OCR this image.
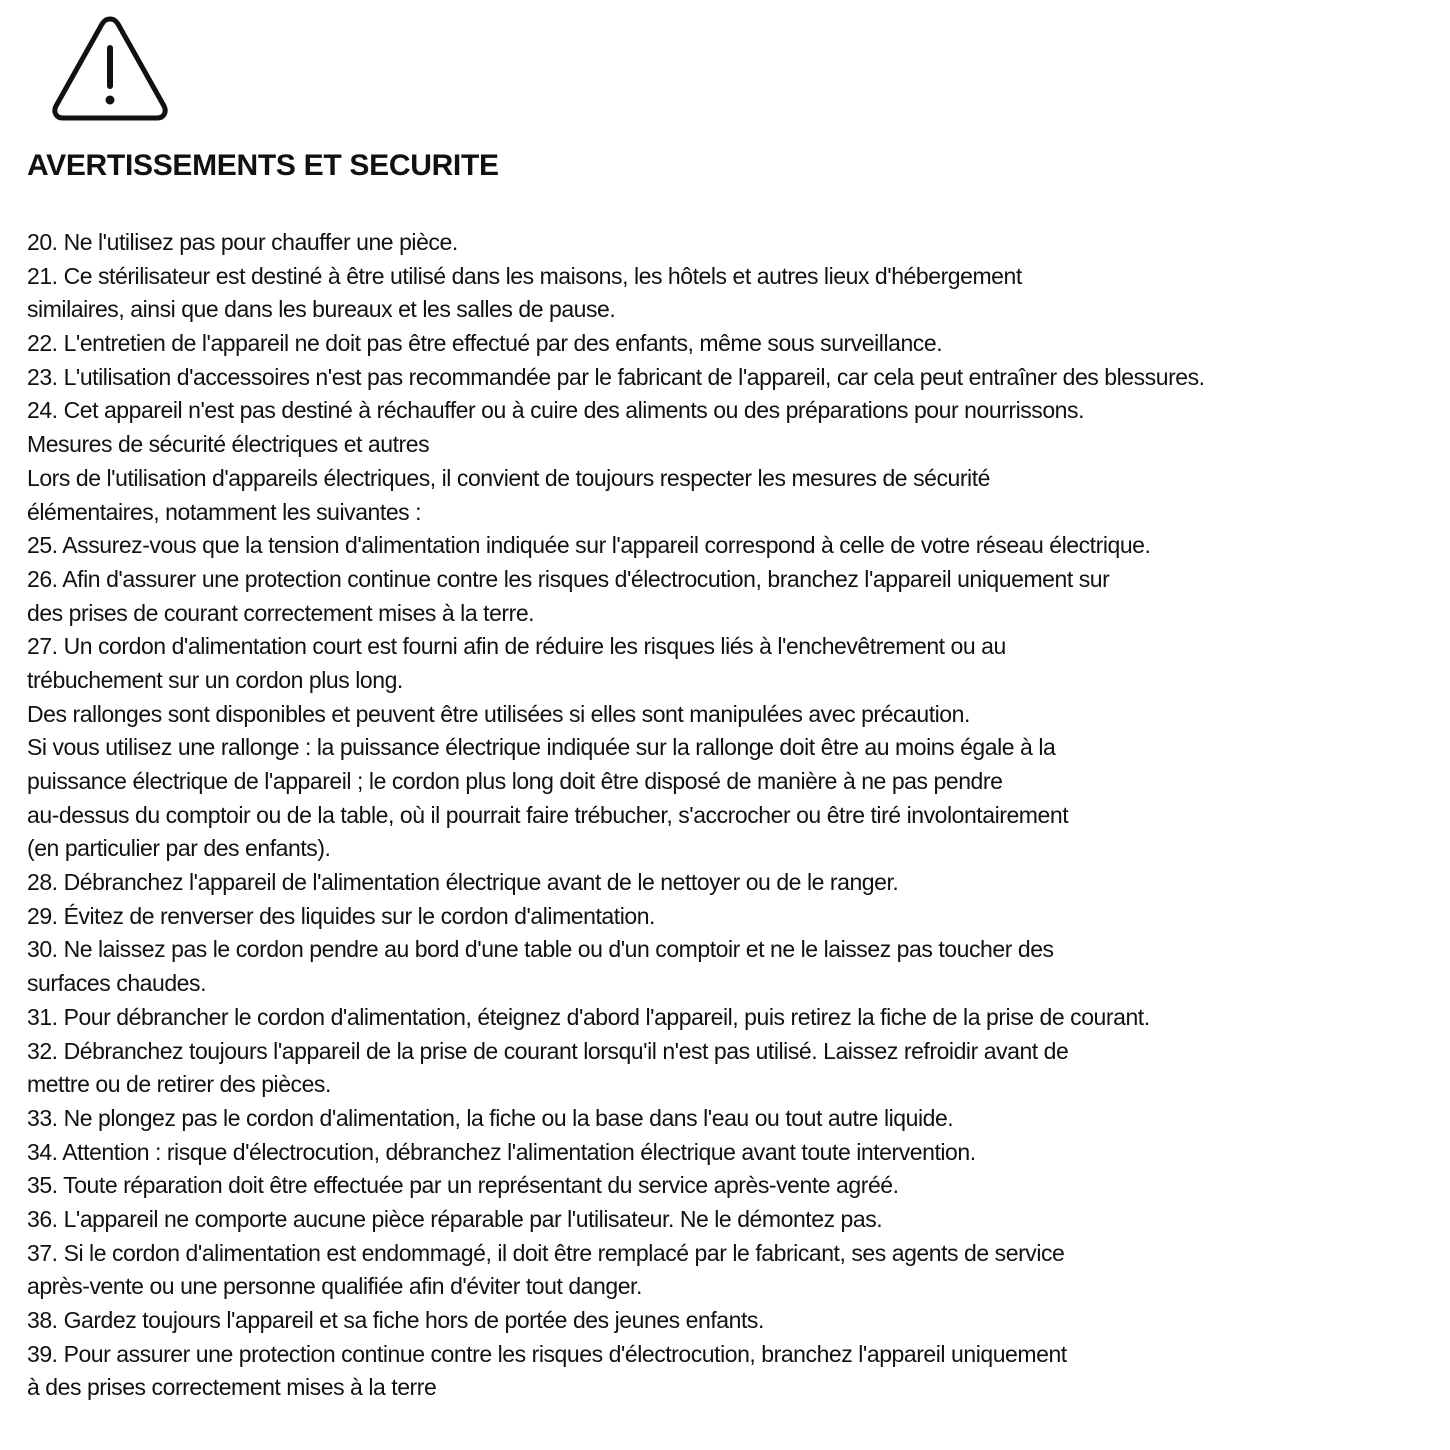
AVERTISSEMENTS ET SECURITE
20. Ne l'utilisez pas pour chauffer une pièce.
21. Ce stérilisateur est destiné à être utilisé dans les maisons, les hôtels et autres lieux d'hébergement
similaires, ainsi que dans les bureaux et les salles de pause.
22. L'entretien de l'appareil ne doit pas être effectué par des enfants, même sous surveillance.
23. L'utilisation d'accessoires n'est pas recommandée par le fabricant de l'appareil, car cela peut entraîner des blessures.
24. Cet appareil n'est pas destiné à réchauffer ou à cuire des aliments ou des préparations pour nourrissons.
Mesures de sécurité électriques et autres
Lors de l'utilisation d'appareils électriques, il convient de toujours respecter les mesures de sécurité
élémentaires, notamment les suivantes :
25. Assurez-vous que la tension d'alimentation indiquée sur l'appareil correspond à celle de votre réseau électrique.
26. Afin d'assurer une protection continue contre les risques d'électrocution, branchez l'appareil uniquement sur
des prises de courant correctement mises à la terre.
27. Un cordon d'alimentation court est fourni afin de réduire les risques liés à l'enchevêtrement ou au
trébuchement sur un cordon plus long.
Des rallonges sont disponibles et peuvent être utilisées si elles sont manipulées avec précaution.
Si vous utilisez une rallonge : la puissance électrique indiquée sur la rallonge doit être au moins égale à la
puissance électrique de l'appareil ; le cordon plus long doit être disposé de manière à ne pas pendre
au-dessus du comptoir ou de la table, où il pourrait faire trébucher, s'accrocher ou être tiré involontairement
(en particulier par des enfants).
28. Débranchez l'appareil de l'alimentation électrique avant de le nettoyer ou de le ranger.
29. Évitez de renverser des liquides sur le cordon d'alimentation.
30. Ne laissez pas le cordon pendre au bord d'une table ou d'un comptoir et ne le laissez pas toucher des
surfaces chaudes.
31. Pour débrancher le cordon d'alimentation, éteignez d'abord l'appareil, puis retirez la fiche de la prise de courant.
32. Débranchez toujours l'appareil de la prise de courant lorsqu'il n'est pas utilisé. Laissez refroidir avant de
mettre ou de retirer des pièces.
33. Ne plongez pas le cordon d'alimentation, la fiche ou la base dans l'eau ou tout autre liquide.
34. Attention : risque d'électrocution, débranchez l'alimentation électrique avant toute intervention.
35. Toute réparation doit être effectuée par un représentant du service après-vente agréé.
36. L'appareil ne comporte aucune pièce réparable par l'utilisateur. Ne le démontez pas.
37. Si le cordon d'alimentation est endommagé, il doit être remplacé par le fabricant, ses agents de service
après-vente ou une personne qualifiée afin d'éviter tout danger.
38. Gardez toujours l'appareil et sa fiche hors de portée des jeunes enfants.
39. Pour assurer une protection continue contre les risques d'électrocution, branchez l'appareil uniquement
à des prises correctement mises à la terre
